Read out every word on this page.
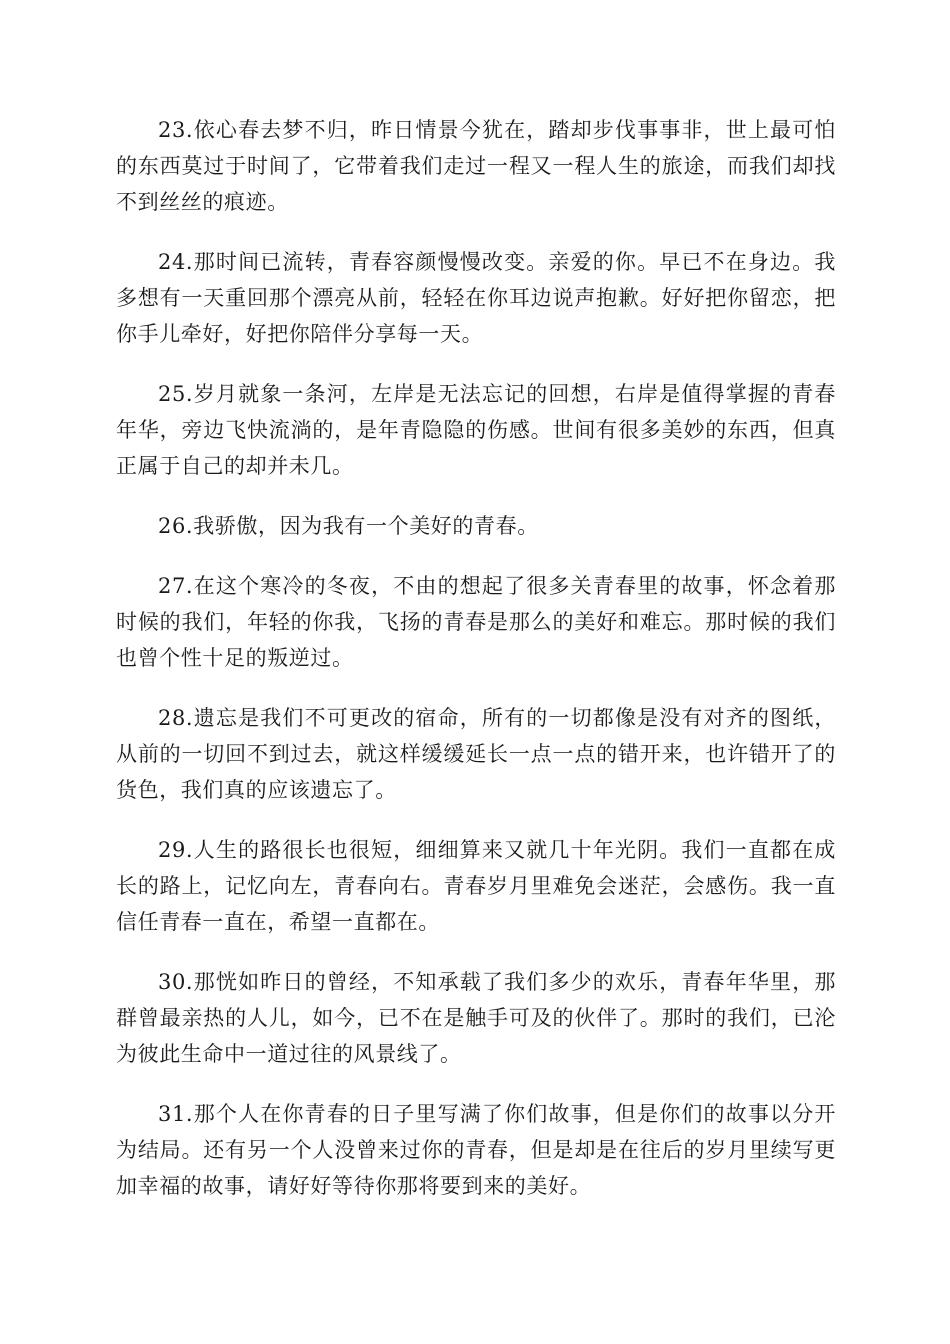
23.依心春去梦不归，昨日情景今犹在，踏却步伐事事非，世上最可怕的东西莫过于时间了，它带着我们走过一程又一程人生的旅途，而我们却找不到丝丝的痕迹。

24.那时间已流转，青春容颜慢慢改变。亲爱的你。早已不在身边。我多想有一天重回那个漂亮从前，轻轻在你耳边说声抱歉。好好把你留恋，把你手儿牵好，好把你陪伴分享每一天。

25.岁月就象一条河，左岸是无法忘记的回想，右岸是值得掌握的青春年华，旁边飞快流淌的，是年青隐隐的伤感。世间有很多美妙的东西，但真正属于自己的却并未几。

26.我骄傲，因为我有一个美好的青春。

27.在这个寒冷的冬夜，不由的想起了很多关青春里的故事，怀念着那时候的我们，年轻的你我，飞扬的青春是那么的美好和难忘。那时候的我们也曾个性十足的叛逆过。

28.遗忘是我们不可更改的宿命，所有的一切都像是没有对齐的图纸，从前的一切回不到过去，就这样缓缓延长一点一点的错开来，也许错开了的货色，我们真的应该遗忘了。

29.人生的路很长也很短，细细算来又就几十年光阴。我们一直都在成长的路上，记忆向左，青春向右。青春岁月里难免会迷茫，会感伤。我一直信任青春一直在，希望一直都在。

30.那恍如昨日的曾经，不知承载了我们多少的欢乐，青春年华里，那群曾最亲热的人儿，如今，已不在是触手可及的伙伴了。那时的我们，已沦为彼此生命中一道过往的风景线了。

31.那个人在你青春的日子里写满了你们故事，但是你们的故事以分开为结局。还有另一个人没曾来过你的青春，但是却是在往后的岁月里续写更加幸福的故事，请好好等待你那将要到来的美好。
